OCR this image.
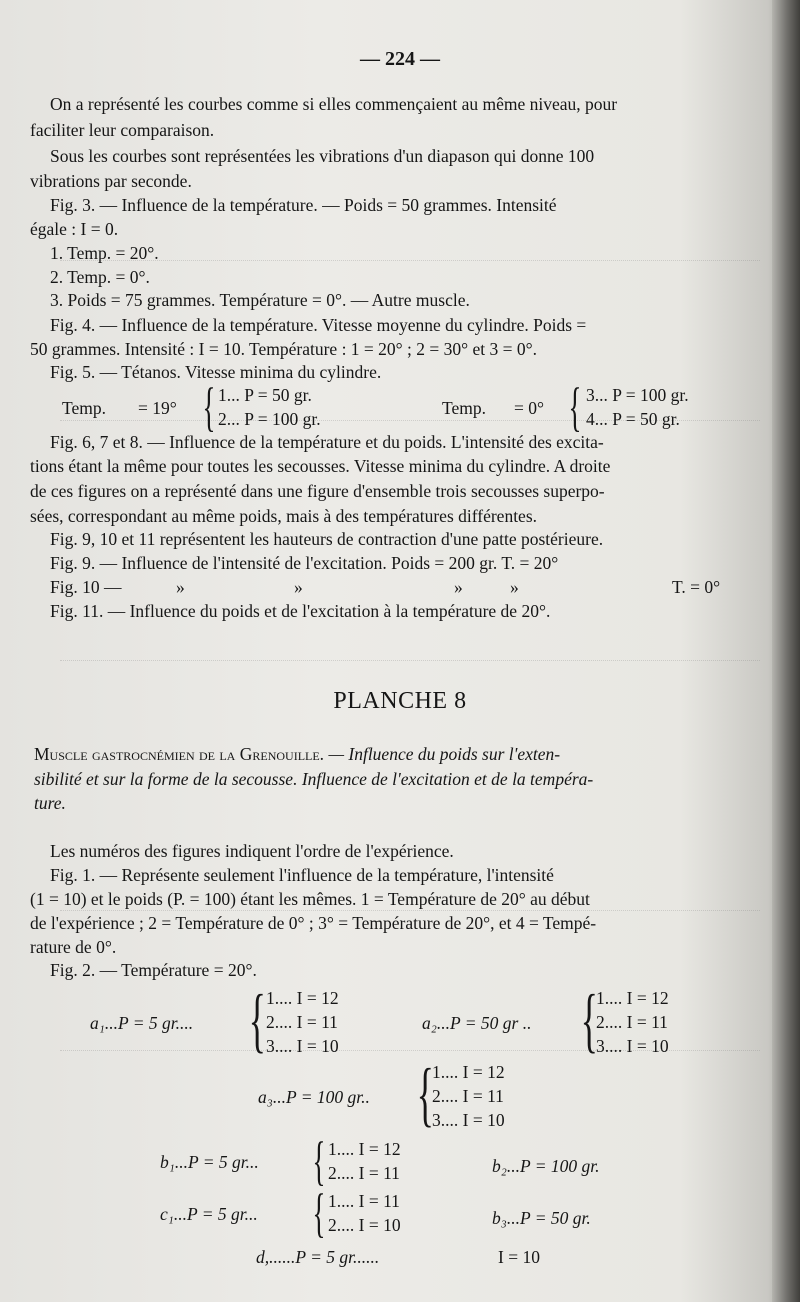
— 224 —
On a représenté les courbes comme si elles commençaient au même niveau, pour
faciliter leur comparaison.
Sous les courbes sont représentées les vibrations d'un diapason qui donne 100
vibrations par seconde.
Fig. 3. — Influence de la température. — Poids = 50 grammes. Intensité
égale : I = 0.
1. Temp. = 20°.
2. Temp. = 0°.
3. Poids = 75 grammes. Température = 0°. — Autre muscle.
Fig. 4. — Influence de la température. Vitesse moyenne du cylindre. Poids =
50 grammes. Intensité : I = 10. Température : 1 = 20° ; 2 = 30° et 3 = 0°.
Fig. 5. — Tétanos. Vitesse minima du cylindre.
Temp. = 19° { 1... P = 50 gr.
2... P = 100 gr.
Temp. = 0° { 3... P = 100 gr.
4... P = 50 gr.
Fig. 6, 7 et 8. — Influence de la température et du poids. L'intensité des excita-
tions étant la même pour toutes les secousses. Vitesse minima du cylindre. A droite
de ces figures on a représenté dans une figure d'ensemble trois secousses superpo-
sées, correspondant au même poids, mais à des températures différentes.
Fig. 9, 10 et 11 représentent les hauteurs de contraction d'une patte postérieure.
Fig. 9. — Influence de l'intensité de l'excitation. Poids = 200 gr. T. = 20°
Fig. 10 —	»	»	»	»	T. = 0°
Fig. 11. — Influence du poids et de l'excitation à la température de 20°.
PLANCHE 8
Muscle gastrocnémien de la Grenouille. — Influence du poids sur l'exten-
sibilité et sur la forme de la secousse. Influence de l'excitation et de la tempéra-
ture.
Les numéros des figures indiquent l'ordre de l'expérience.
Fig. 1. — Représente seulement l'influence de la température, l'intensité
(1 = 10) et le poids (P. = 100) étant les mêmes. 1 = Température de 20° au début
de l'expérience ; 2 = Température de 0° ; 3° = Température de 20°, et 4 = Tempé-
rature de 0°.
Fig. 2. — Température = 20°.
a₁...P = 5 gr.... { 1.... I = 12
2.... I = 11
3.... I = 10
a₂...P = 50 gr .. {
1.... I = 12
2.... I = 11
3.... I = 10
a₃...P = 100 gr.. {
1.... I = 12
2.... I = 11
3.... I = 10
b₁...P = 5 gr... { 1.... I = 12
2.... I = 11	b₂...P = 100 gr.
c₁...P = 5 gr... { 1.... I = 11
2.... I = 10	b₃...P = 50 gr.
d,......P = 5 gr......	I = 10
